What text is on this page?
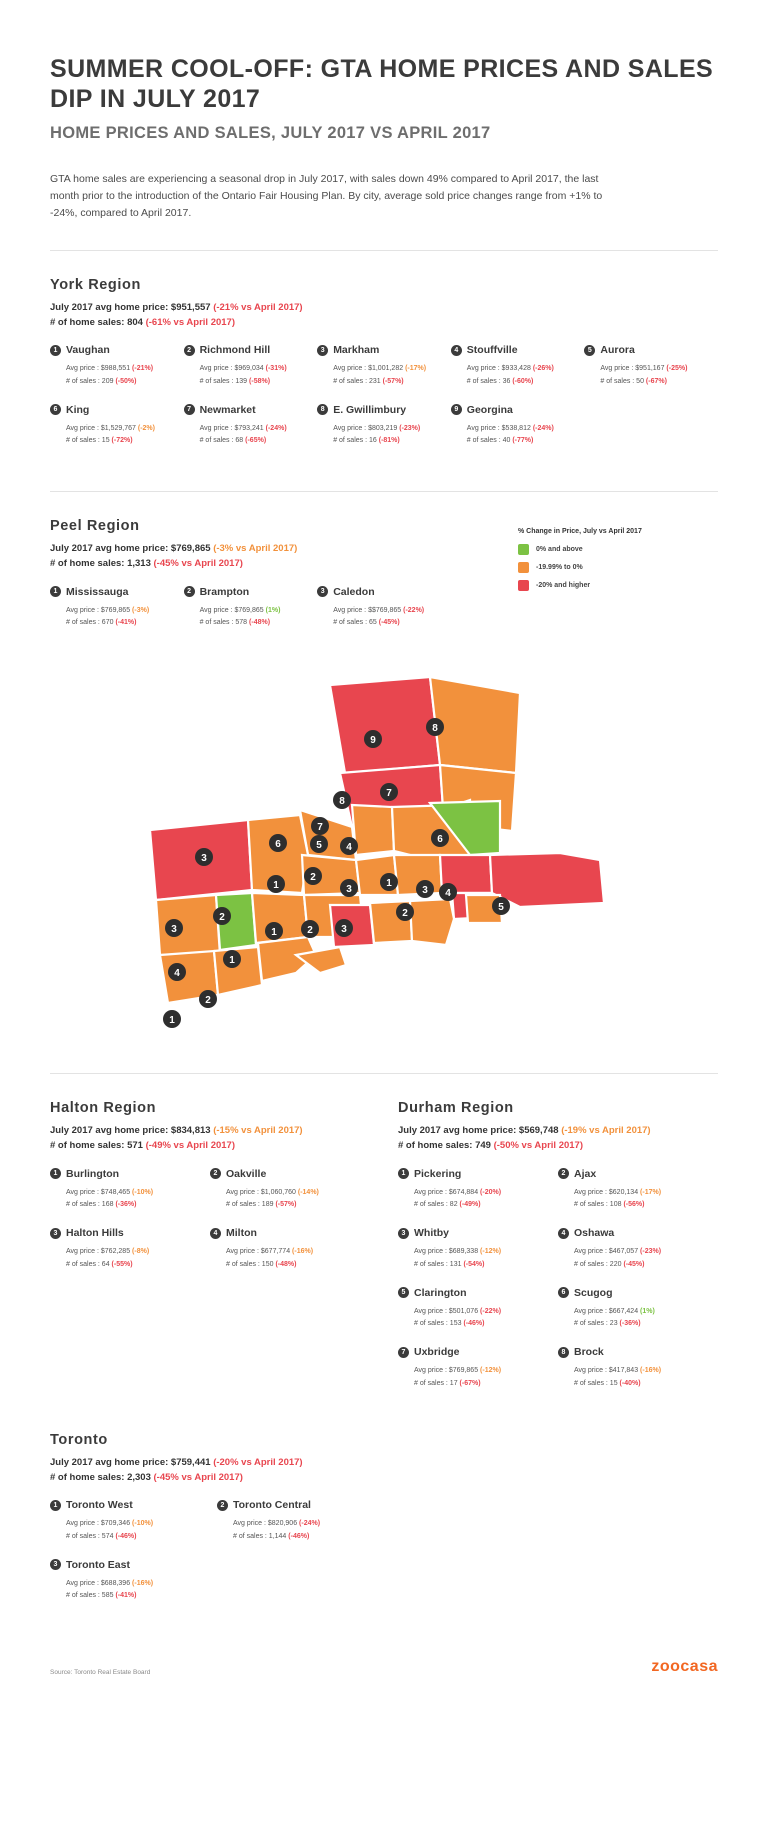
SUMMER COOL-OFF: GTA HOME PRICES AND SALES DIP IN JULY 2017
HOME PRICES AND SALES, JULY 2017 VS APRIL 2017

GTA home sales are experiencing a seasonal drop in July 2017, with sales down 49% compared to April 2017, the last month prior to the introduction of the Ontario Fair Housing Plan. By city, average sold price changes range from +1% to -24%, compared to April 2017.

York Region
July 2017 avg home price: $951,557 (-21% vs April 2017)
# of home sales: 804 (-61% vs April 2017)
1 Vaughan
Avg price : $988,551 (-21%)
# of sales : 209 (-50%)
2 Richmond Hill
Avg price : $969,034 (-31%)
# of sales : 139 (-58%)
3 Markham
Avg price : $1,001,282 (-17%)
# of sales : 231 (-57%)
4 Stouffville
Avg price : $933,428 (-26%)
# of sales : 36 (-60%)
5 Aurora
Avg price : $951,167 (-25%)
# of sales : 50 (-67%)
6 King
Avg price : $1,529,767 (-2%)
# of sales : 15 (-72%)
7 Newmarket
Avg price : $793,241 (-24%)
# of sales : 68 (-65%)
8 E. Gwillimbury
Avg price : $803,219 (-23%)
# of sales : 16 (-81%)
9 Georgina
Avg price : $538,812 (-24%)
# of sales : 40 (-77%)
% Change in Price, July vs April 2017
0% and above
-19.99% to 0%
-20% and higher
Peel Region
July 2017 avg home price: $769,865 (-3% vs April 2017)
# of home sales: 1,313 (-45% vs April 2017)
1 Mississauga
Avg price : $769,865 (-3%)
# of sales : 670 (-41%)
2 Brampton
Avg price : $769,865 (1%)
# of sales : 578 (-48%)
3 Caledon
Avg price : $$769,865 (-22%)
# of sales : 65 (-45%)
9
8
8
7
7
6	5 4
6
3
1
2
3
1
3 4
5
2
3
2
1
2
3
1
4
2
1
Halton Region
July 2017 avg home price: $834,813 (-15% vs April 2017)
# of home sales: 571 (-49% vs April 2017)
1 Burlington
Avg price : $748,465 (-10%)
# of sales : 168 (-36%)
2 Oakville
Avg price : $1,060,760 (-14%)
# of sales : 189 (-57%)
3 Halton Hills
Avg price : $762,285 (-8%)
# of sales : 64 (-55%)
4 Milton
Avg price : $677,774 (-16%)
# of sales : 150 (-48%)
Durham Region
July 2017 avg home price: $569,748 (-19% vs April 2017)
# of home sales: 749 (-50% vs April 2017)
1 Pickering
Avg price : $674,884 (-20%)
# of sales : 82 (-49%)
2 Ajax
Avg price : $620,134 (-17%)
# of sales : 108 (-56%)
3 Whitby
Avg price : $689,338 (-12%)
# of sales : 131 (-54%)
4 Oshawa
Avg price : $467,057 (-23%)
# of sales : 220 (-45%)
5 Clarington
Avg price : $501,076 (-22%)
# of sales : 153 (-46%)
6 Scugog
Avg price : $667,424 (1%)
# of sales : 23 (-36%)
7 Uxbridge
Avg price : $769,865 (-12%)
# of sales : 17 (-67%)
8 Brock
Avg price : $417,843 (-16%)
# of sales : 15 (-40%)
Toronto
July 2017 avg home price: $759,441 (-20% vs April 2017)
# of home sales: 2,303 (-45% vs April 2017)
1 Toronto West
Avg price : $709,346 (-10%)
# of sales : 574 (-46%)
2 Toronto Central
Avg price : $820,906 (-24%)
# of sales : 1,144 (-46%)
3 Toronto East
Avg price : $688,396 (-16%)
# of sales : 585 (-41%)
Source: Toronto Real Estate Board	zoocasa
